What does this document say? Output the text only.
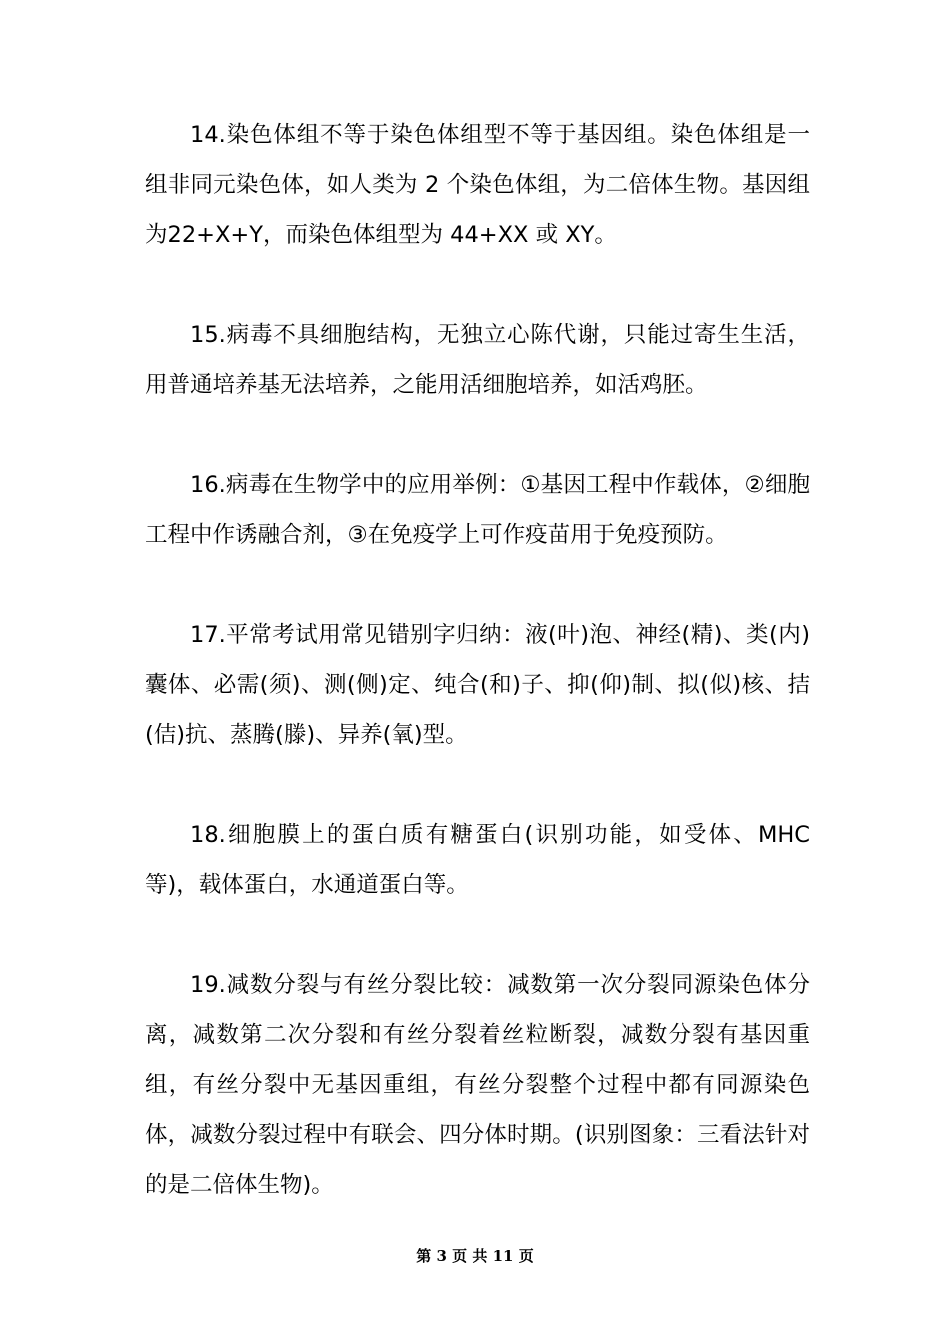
14.染色体组不等于染色体组型不等于基因组。染色体组是一组非同元染色体，如人类为 2 个染色体组，为二倍体生物。基因组为22+X+Y，而染色体组型为 44+XX 或 XY。

15.病毒不具细胞结构，无独立心陈代谢，只能过寄生生活，用普通培养基无法培养，之能用活细胞培养，如活鸡胚。

16.病毒在生物学中的应用举例：①基因工程中作载体，②细胞工程中作诱融合剂，③在免疫学上可作疫苗用于免疫预防。

17.平常考试用常见错别字归纳：液(叶)泡、神经(精)、类(内)囊体、必需(须)、测(侧)定、纯合(和)子、抑(仰)制、拟(似)核、拮(佶)抗、蒸腾(滕)、异养(氧)型。

18.细胞膜上的蛋白质有糖蛋白(识别功能，如受体、MHC 等)，载体蛋白，水通道蛋白等。

19.减数分裂与有丝分裂比较：减数第一次分裂同源染色体分离，减数第二次分裂和有丝分裂着丝粒断裂，减数分裂有基因重组，有丝分裂中无基因重组，有丝分裂整个过程中都有同源染色体，减数分裂过程中有联会、四分体时期。(识别图象：三看法针对的是二倍体生物)。

第 3 页 共 11 页
